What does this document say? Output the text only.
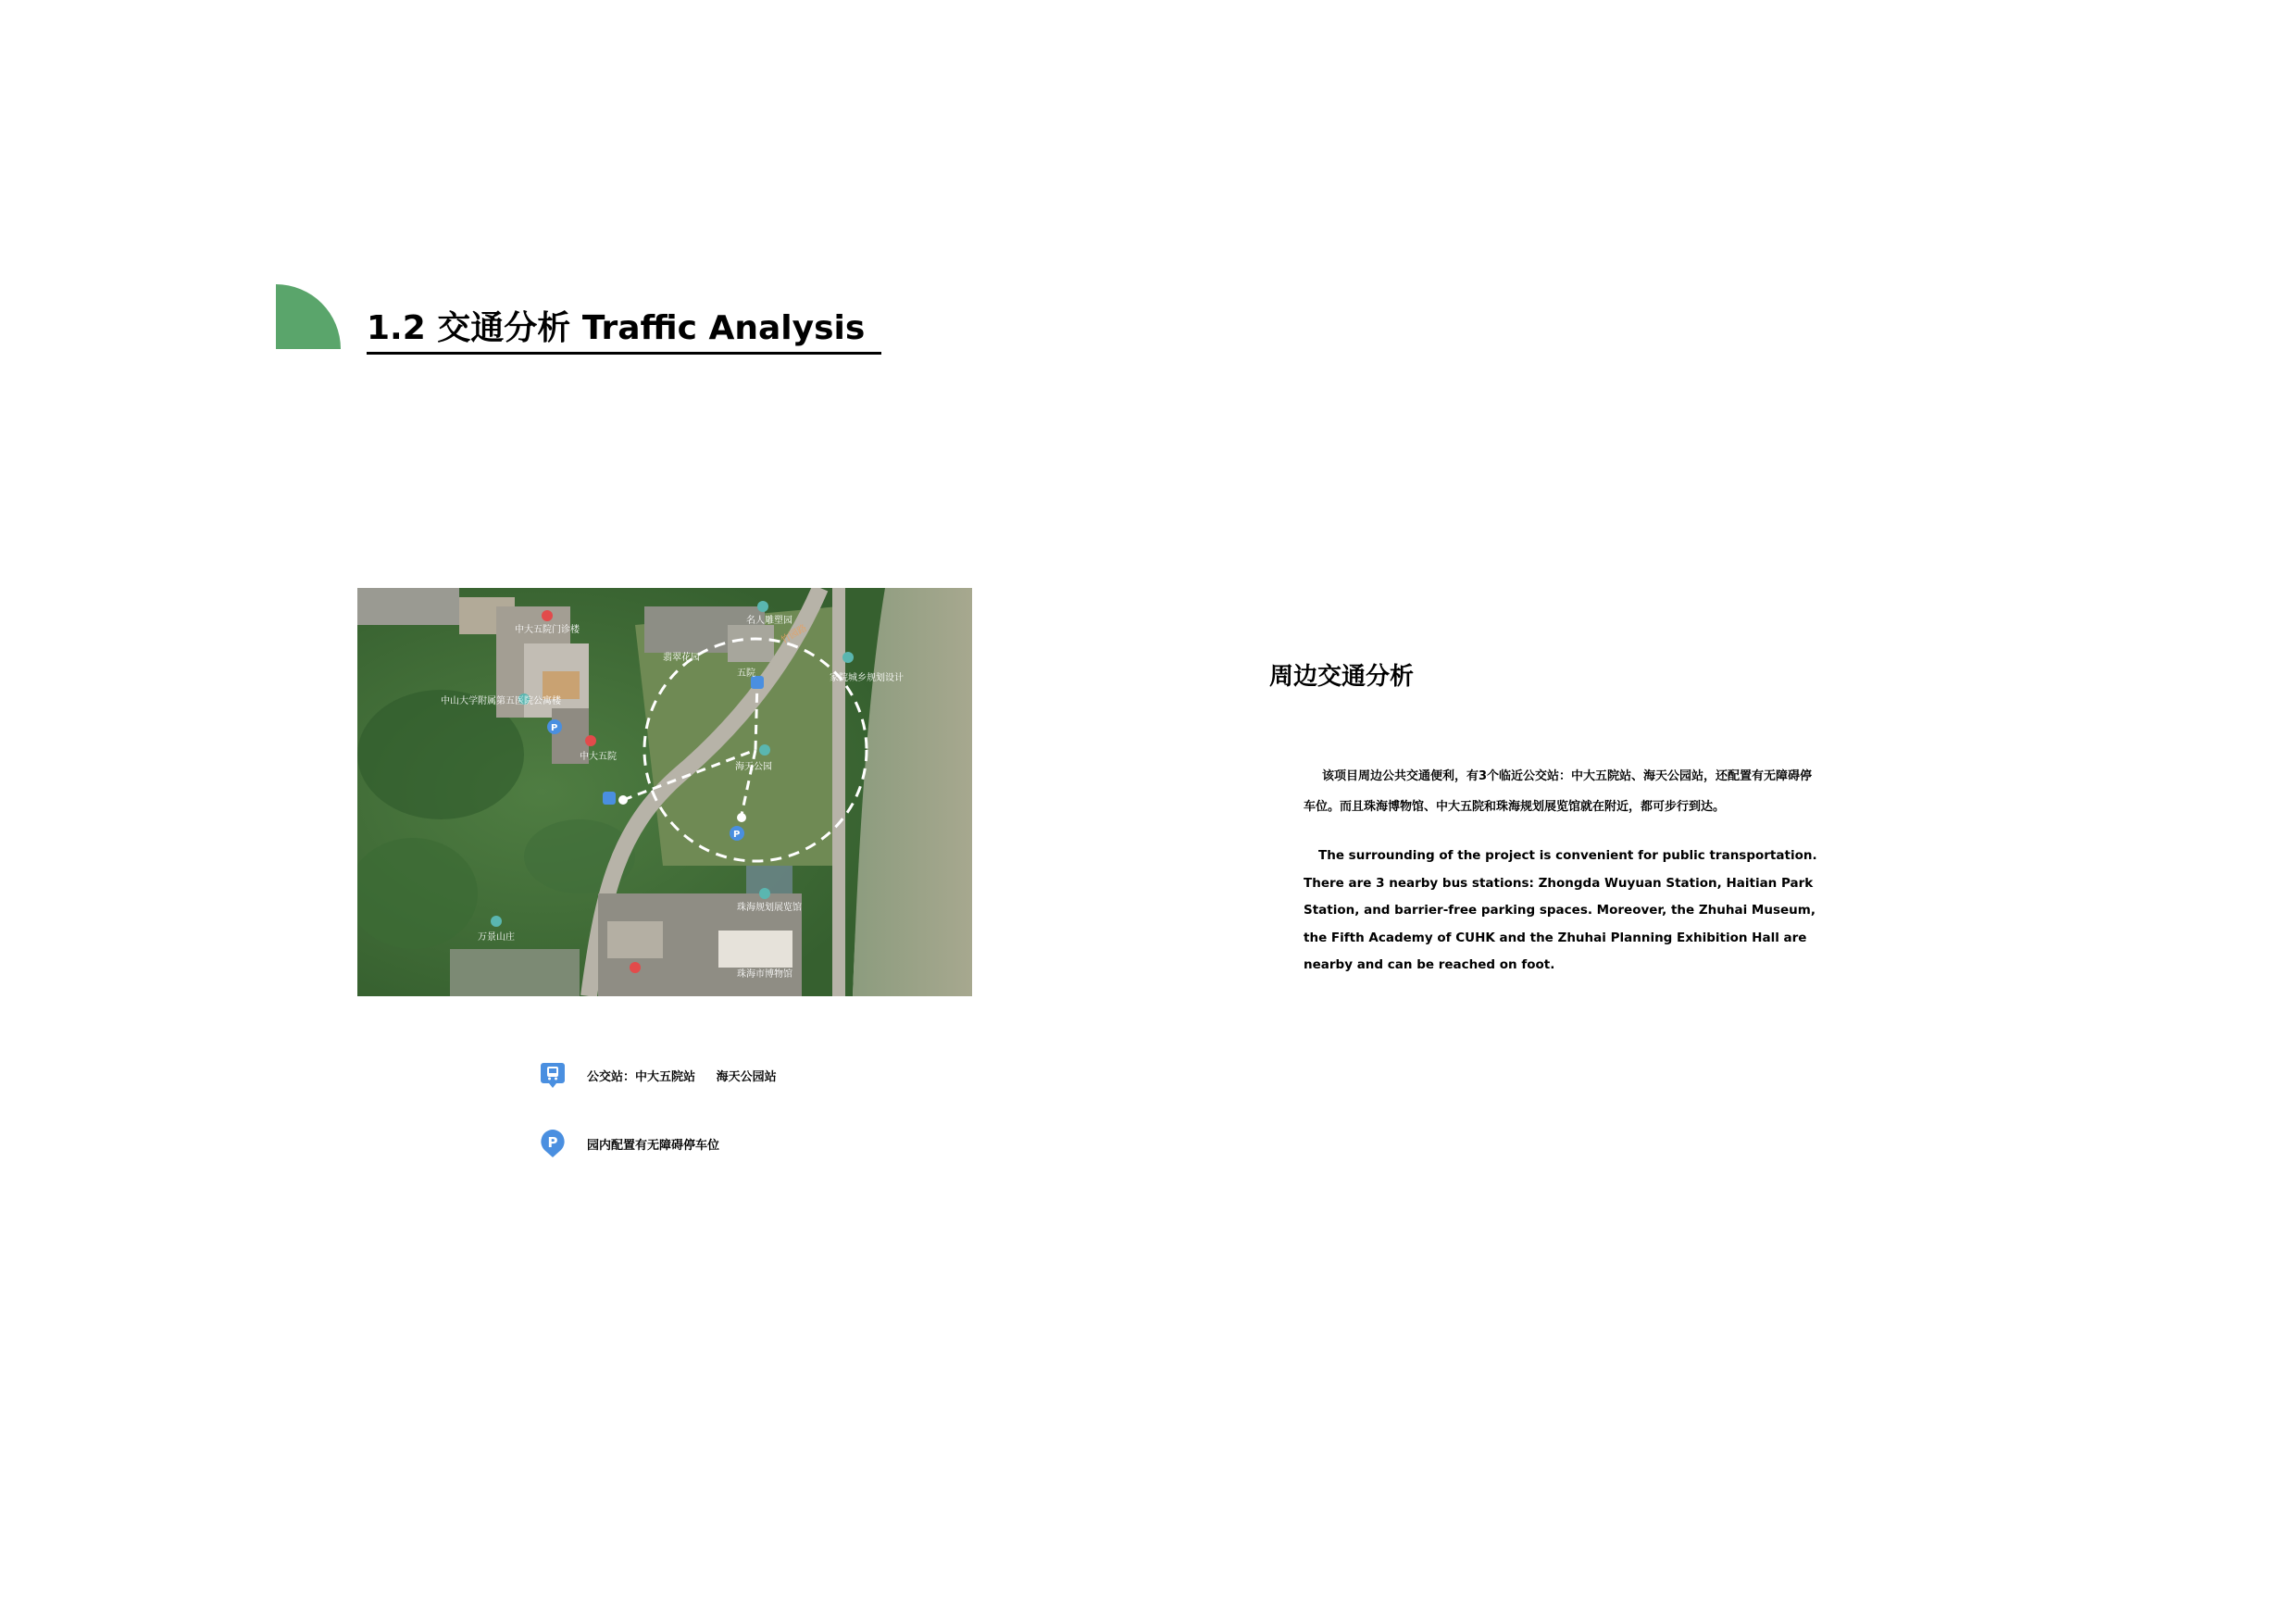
1.2 交通分析 Traffic Analysis
P
P
中大五院门诊楼
中山大学附属第五医院公寓楼
翡翠花园
名人雕塑园
五院
中大五院
海天公园
家院城乡规划设计
珠海规划展览馆
珠海市博物馆
万景山庄
竹园路
公交站：中大五院站     海天公园站
P 园内配置有无障碍停车位
周边交通分析

该项目周边公共交通便利，有3个临近公交站：中大五院站、海天公园站，还配置有无障碍停车位。而且珠海博物馆、中大五院和珠海规划展览馆就在附近，都可步行到达。

The surrounding of the project is convenient for public transportation. There are 3 nearby bus stations: Zhongda Wuyuan Station, Haitian Park Station, and barrier-free parking spaces. Moreover, the Zhuhai Museum, the Fifth Academy of CUHK and the Zhuhai Planning Exhibition Hall are nearby and can be reached on foot.
